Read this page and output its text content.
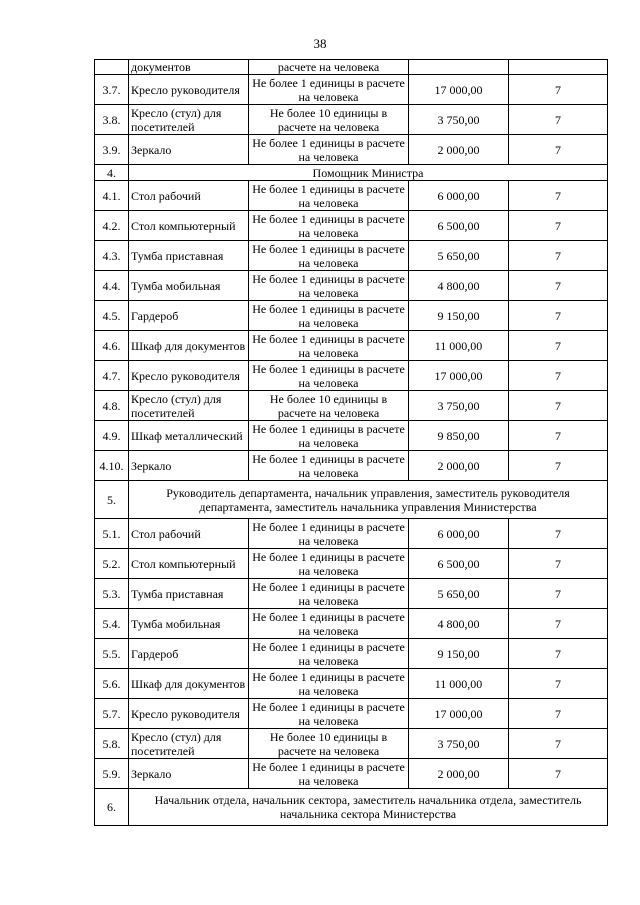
38
	документов	расчете на человека		
3.7.	Кресло руководителя	Не более 1 единицы в расчете на человека	17 000,00	7
3.8.	Кресло (стул) для посетителей	Не более 10 единицы в расчете на человека	3 750,00	7
3.9.	Зеркало	Не более 1 единицы в расчете на человека	2 000,00	7
4.	Помощник Министра			
4.1.	Стол рабочий	Не более 1 единицы в расчете на человека	6 000,00	7
4.2.	Стол компьютерный	Не более 1 единицы в расчете на человека	6 500,00	7
4.3.	Тумба приставная	Не более 1 единицы в расчете на человека	5 650,00	7
4.4.	Тумба мобильная	Не более 1 единицы в расчете на человека	4 800,00	7
4.5.	Гардероб	Не более 1 единицы в расчете на человека	9 150,00	7
4.6.	Шкаф для документов	Не более 1 единицы в расчете на человека	11 000,00	7
4.7.	Кресло руководителя	Не более 1 единицы в расчете на человека	17 000,00	7
4.8.	Кресло (стул) для посетителей	Не более 10 единицы в расчете на человека	3 750,00	7
4.9.	Шкаф металлический	Не более 1 единицы в расчете на человека	9 850,00	7
4.10.	Зеркало	Не более 1 единицы в расчете на человека	2 000,00	7
5.	Руководитель департамента, начальник управления, заместитель руководителя департамента, заместитель начальника управления Министерства			
5.1.	Стол рабочий	Не более 1 единицы в расчете на человека	6 000,00	7
5.2.	Стол компьютерный	Не более 1 единицы в расчете на человека	6 500,00	7
5.3.	Тумба приставная	Не более 1 единицы в расчете на человека	5 650,00	7
5.4.	Тумба мобильная	Не более 1 единицы в расчете на человека	4 800,00	7
5.5.	Гардероб	Не более 1 единицы в расчете на человека	9 150,00	7
5.6.	Шкаф для документов	Не более 1 единицы в расчете на человека	11 000,00	7
5.7.	Кресло руководителя	Не более 1 единицы в расчете на человека	17 000,00	7
5.8.	Кресло (стул) для посетителей	Не более 10 единицы в расчете на человека	3 750,00	7
5.9.	Зеркало	Не более 1 единицы в расчете на человека	2 000,00	7
6.	Начальник отдела, начальник сектора, заместитель начальника отдела, заместитель начальника сектора Министерства			
